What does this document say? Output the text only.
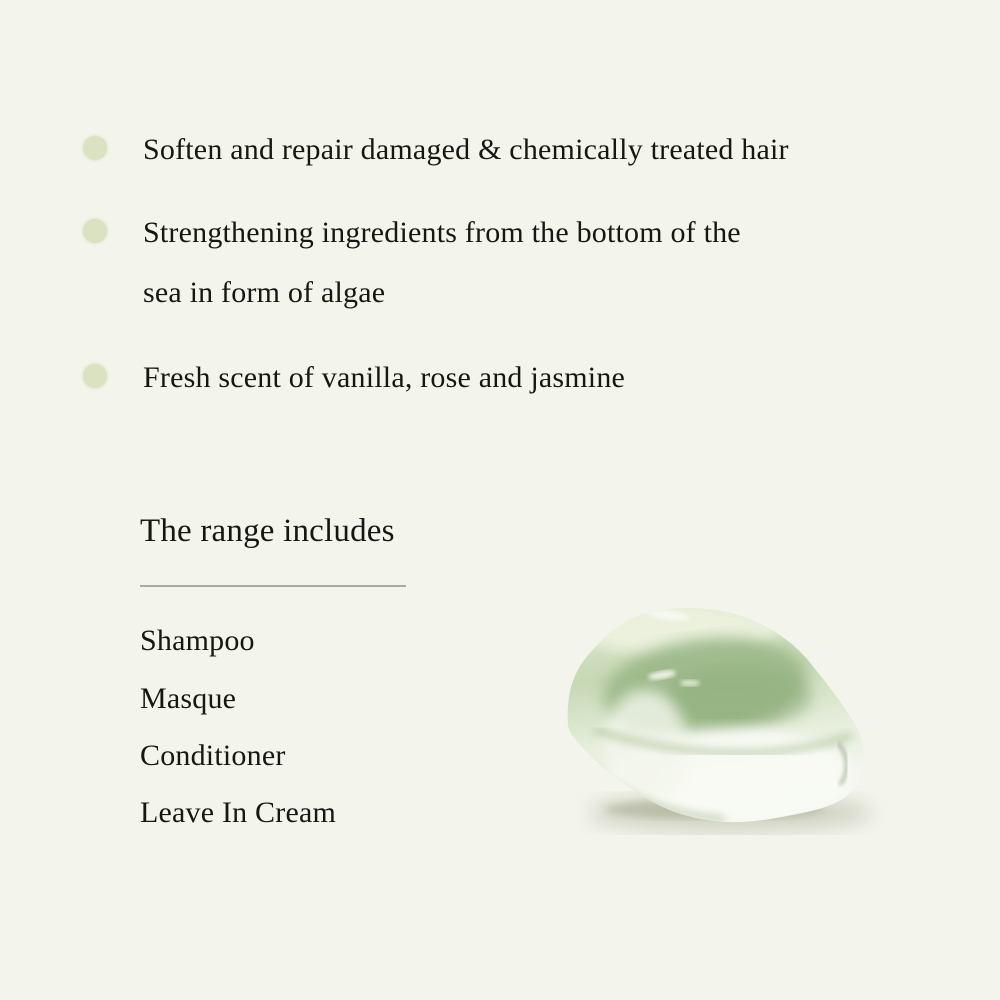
Soften and repair damaged & chemically treated hair
Strengthening ingredients from the bottom of the
sea in form of algae
Fresh scent of vanilla, rose and jasmine
The range includes
Shampoo
Masque
Conditioner
Leave In Cream
